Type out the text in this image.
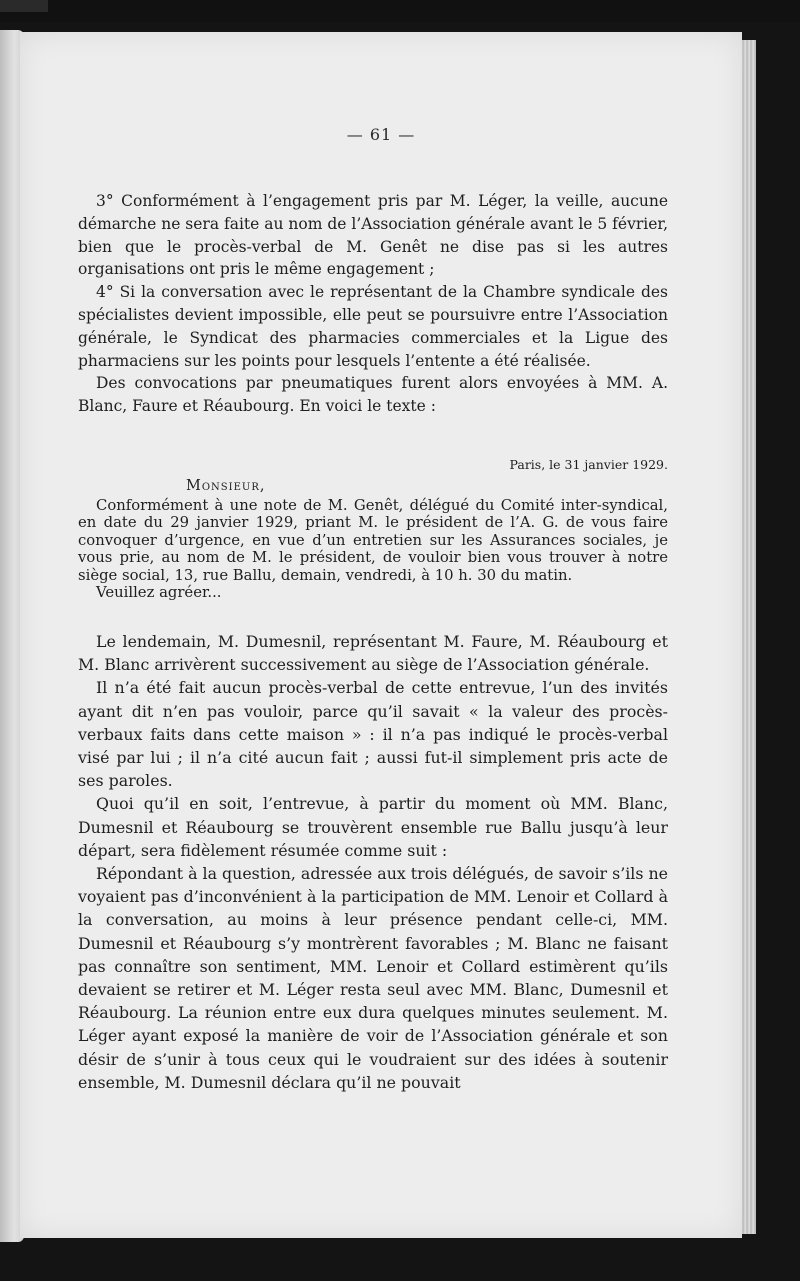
— 61 —

3° Conformément à l’engagement pris par M. Léger, la veille, aucune démarche ne sera faite au nom de l’Association générale avant le 5 février, bien que le procès-verbal de M. Genêt ne dise pas si les autres organisations ont pris le même engagement ;

4° Si la conversation avec le représentant de la Chambre syndicale des spécialistes devient impossible, elle peut se poursuivre entre l’Association générale, le Syndicat des pharmacies commerciales et la Ligue des pharmaciens sur les points pour lesquels l’entente a été réalisée.

Des convocations par pneumatiques furent alors envoyées à MM. A. Blanc, Faure et Réaubourg. En voici le texte :

Paris, le 31 janvier 1929.

Monsieur,

Conformément à une note de M. Genêt, délégué du Comité inter-syndical, en date du 29 janvier 1929, priant M. le président de l’A. G. de vous faire convoquer d’urgence, en vue d’un entretien sur les Assurances sociales, je vous prie, au nom de M. le président, de vouloir bien vous trouver à notre siège social, 13, rue Ballu, demain, vendredi, à 10 h. 30 du matin.

Veuillez agréer...

Le lendemain, M. Dumesnil, représentant M. Faure, M. Réaubourg et M. Blanc arrivèrent successivement au siège de l’Association générale.

Il n’a été fait aucun procès-verbal de cette entrevue, l’un des invités ayant dit n’en pas vouloir, parce qu’il savait « la valeur des procès-verbaux faits dans cette maison » : il n’a pas indiqué le procès-verbal visé par lui ; il n’a cité aucun fait ; aussi fut-il simplement pris acte de ses paroles.

Quoi qu’il en soit, l’entrevue, à partir du moment où MM. Blanc, Dumesnil et Réaubourg se trouvèrent ensemble rue Ballu jusqu’à leur départ, sera fidèlement résumée comme suit :

Répondant à la question, adressée aux trois délégués, de savoir s’ils ne voyaient pas d’inconvénient à la participation de MM. Lenoir et Collard à la conversation, au moins à leur présence pendant celle-ci, MM. Dumesnil et Réaubourg s’y montrèrent favorables ; M. Blanc ne faisant pas connaître son sentiment, MM. Lenoir et Collard estimèrent qu’ils devaient se retirer et M. Léger resta seul avec MM. Blanc, Dumesnil et Réaubourg. La réunion entre eux dura quelques minutes seulement. M. Léger ayant exposé la manière de voir de l’Association générale et son désir de s’unir à tous ceux qui le voudraient sur des idées à soutenir ensemble, M. Dumesnil déclara qu’il ne pouvait
